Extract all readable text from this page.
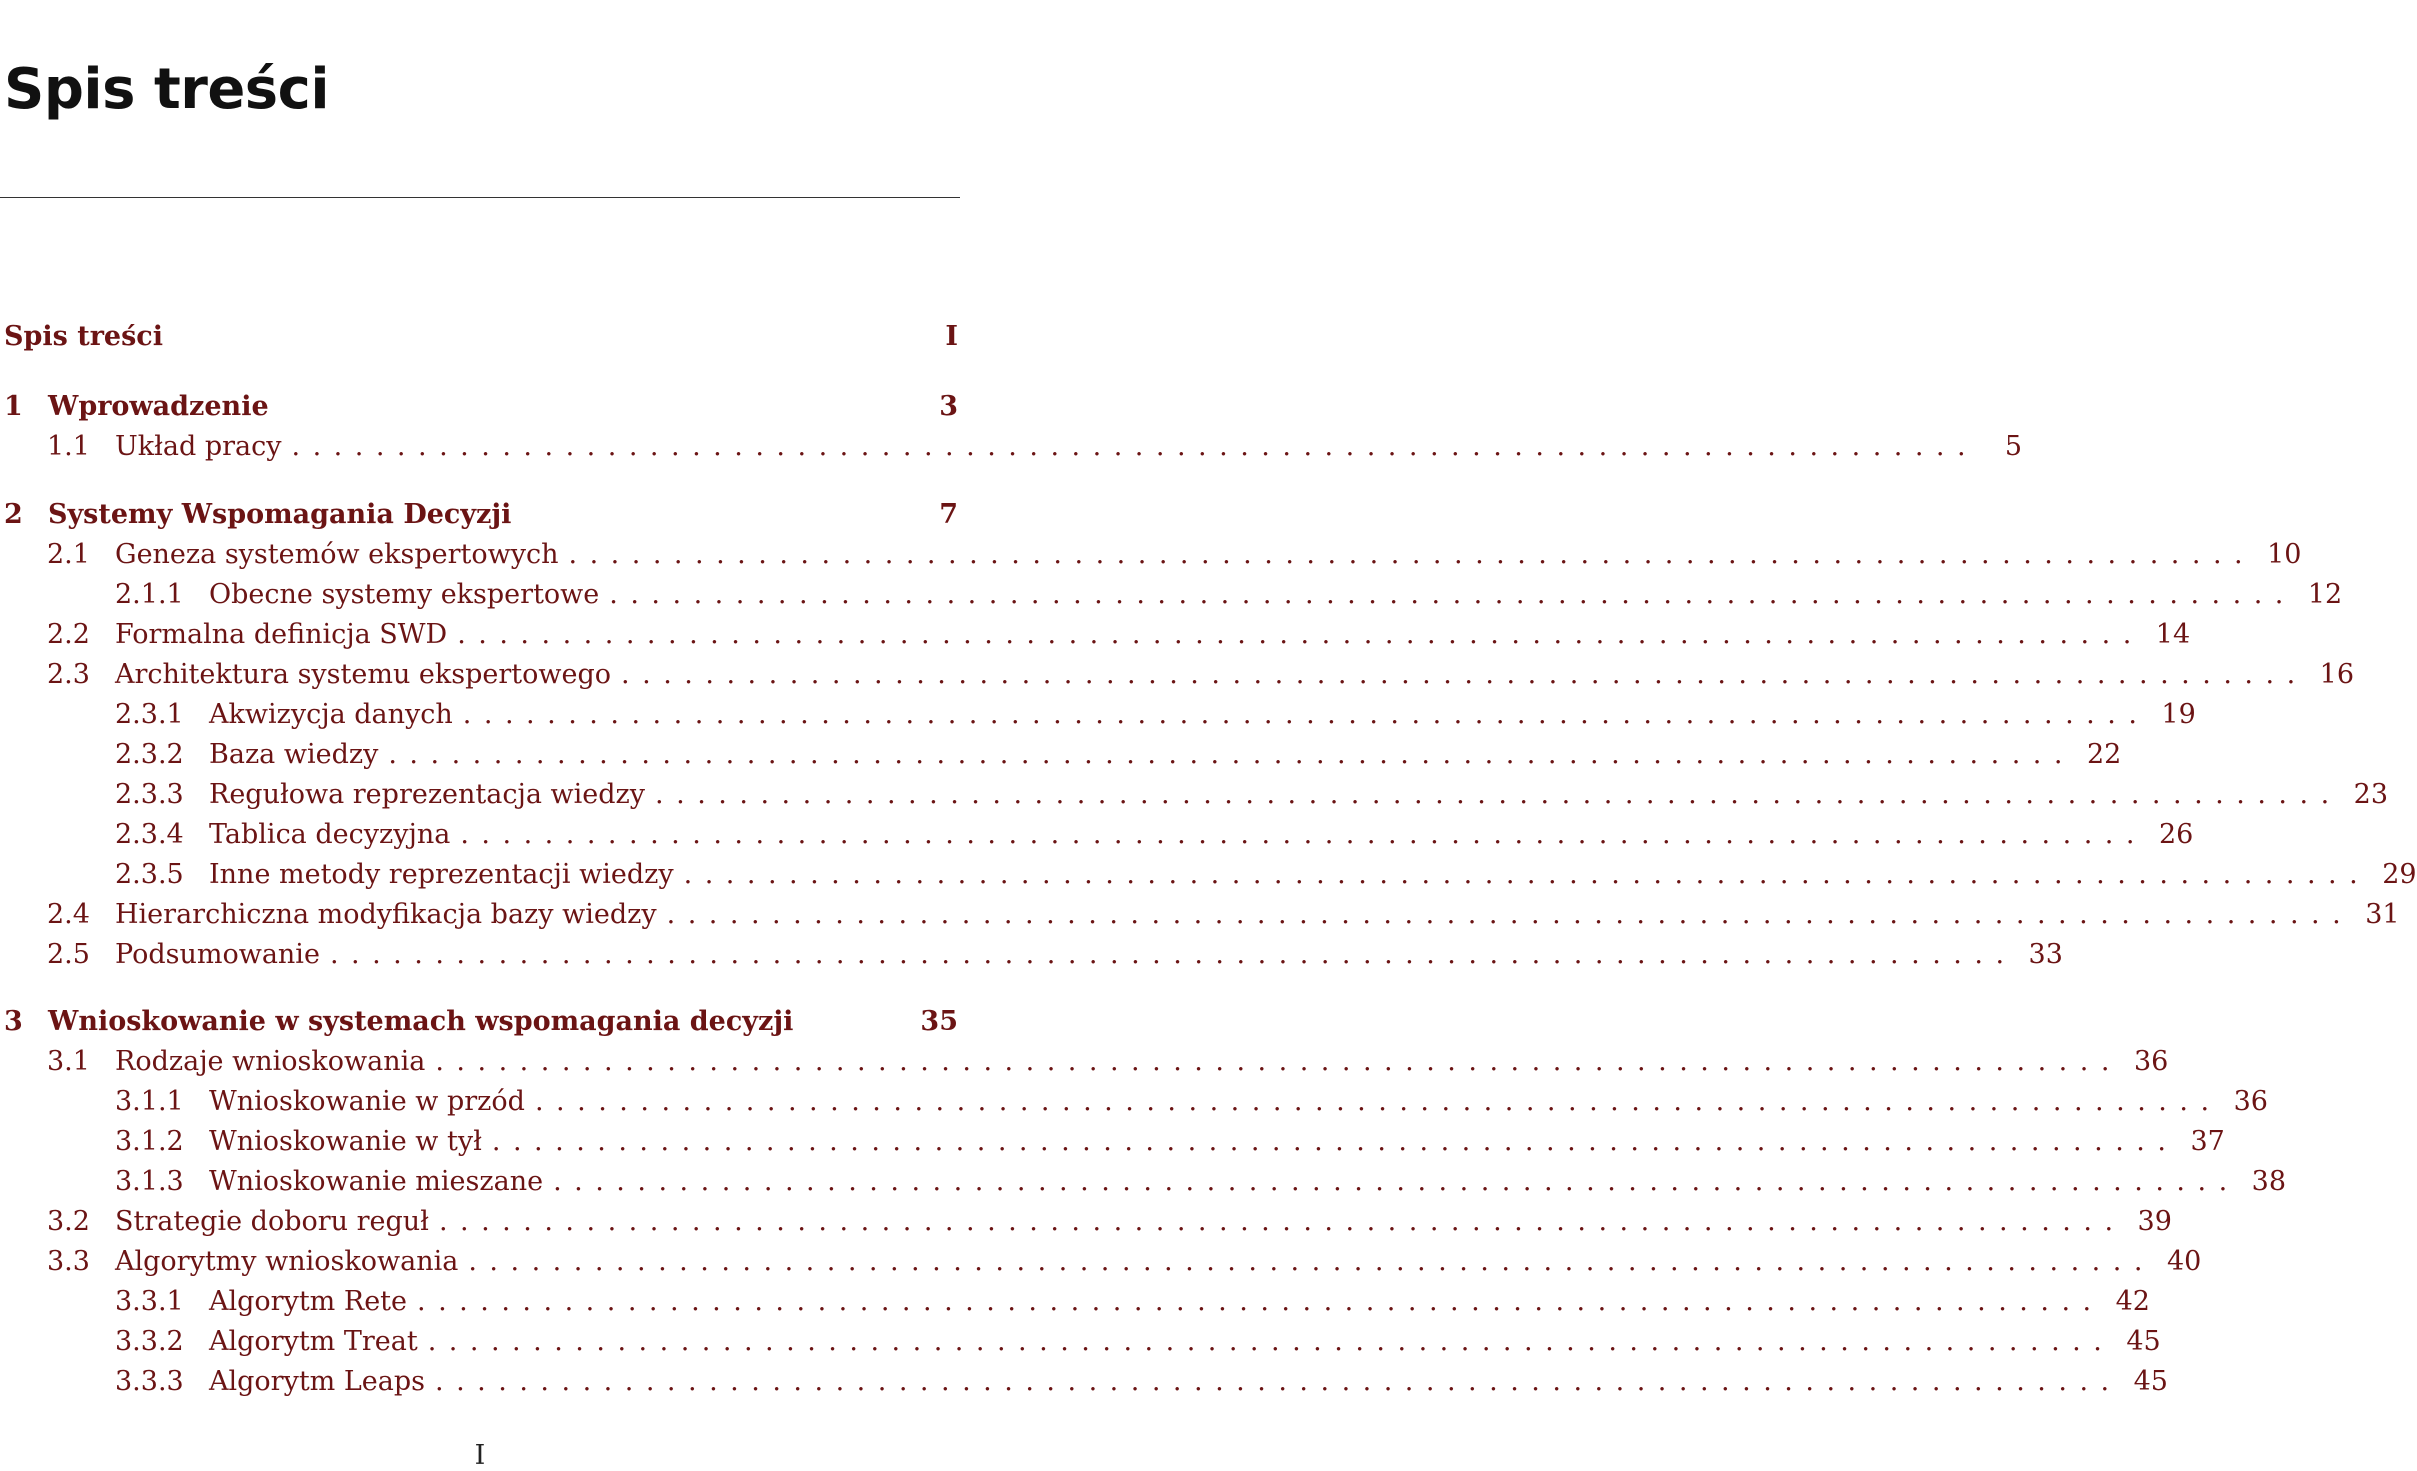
Spis treści
Spis treści	I
1 Wprowadzenie	3
1.1 Układ pracy ................................................................................ 5
2 Systemy Wspomagania Decyzji	7
2.1 Geneza systemów ekspertowych ................................................................................ 10
2.1.1 Obecne systemy ekspertowe ................................................................................ 12
2.2 Formalna definicja SWD ................................................................................ 14
2.3 Architektura systemu ekspertowego ................................................................................ 16
2.3.1 Akwizycja danych ................................................................................ 19
2.3.2 Baza wiedzy ................................................................................ 22
2.3.3 Regułowa reprezentacja wiedzy ................................................................................ 23
2.3.4 Tablica decyzyjna ................................................................................ 26
2.3.5 Inne metody reprezentacji wiedzy ................................................................................ 29
2.4 Hierarchiczna modyfikacja bazy wiedzy ................................................................................ 31
2.5 Podsumowanie ................................................................................ 33
3 Wnioskowanie w systemach wspomagania decyzji	35
3.1 Rodzaje wnioskowania ................................................................................ 36
3.1.1 Wnioskowanie w przód ................................................................................ 36
3.1.2 Wnioskowanie w tył ................................................................................ 37
3.1.3 Wnioskowanie mieszane ................................................................................ 38
3.2 Strategie doboru reguł ................................................................................ 39
3.3 Algorytmy wnioskowania ................................................................................ 40
3.3.1 Algorytm Rete ................................................................................ 42
3.3.2 Algorytm Treat ................................................................................ 45
3.3.3 Algorytm Leaps ................................................................................ 45
I
